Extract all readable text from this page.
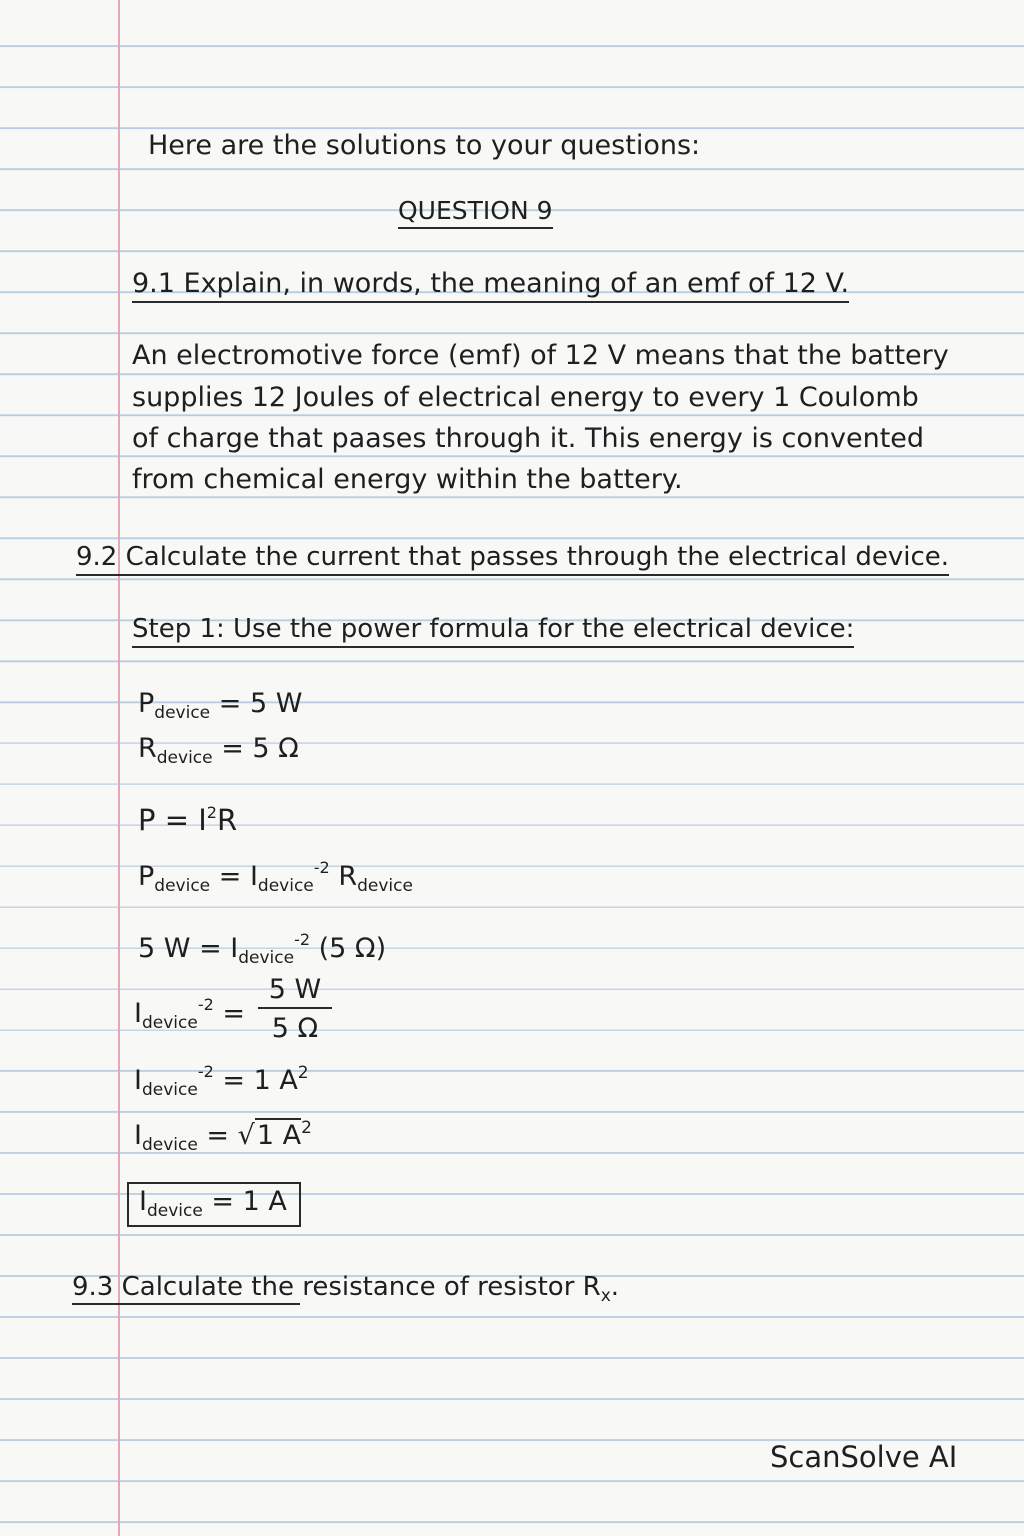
Here are the solutions to your questions:
QUESTION 9
9.1 Explain, in words, the meaning of an emf of 12 V.
An electromotive force (emf) of 12 V means that the battery
supplies 12 Joules of electrical energy to every 1 Coulomb
of charge that paases through it. This energy is convented
from chemical energy within the battery.
9.2 Calculate the current that passes through the electrical device.
Step 1: Use the power formula for the electrical device:
$P_{device} = 5$ W
$R_{device} = 5$ Ω
$P = I^2R$
$P_{device} = I_{device}^{-2}$ $R_{device}$
5 $W = I_{device}^{-2}$ (5 Ω)
$I_{device}^{-2} = \frac{5 W}{5 \Omega}$
$I_{device}^{-2} = 1$ $A^2$
$I_{device} = √1$ $A^2$
$I_{device} = 1$ A
9.3 Calculate the resistance of resistor $R_x$.
ScanSolve AI
